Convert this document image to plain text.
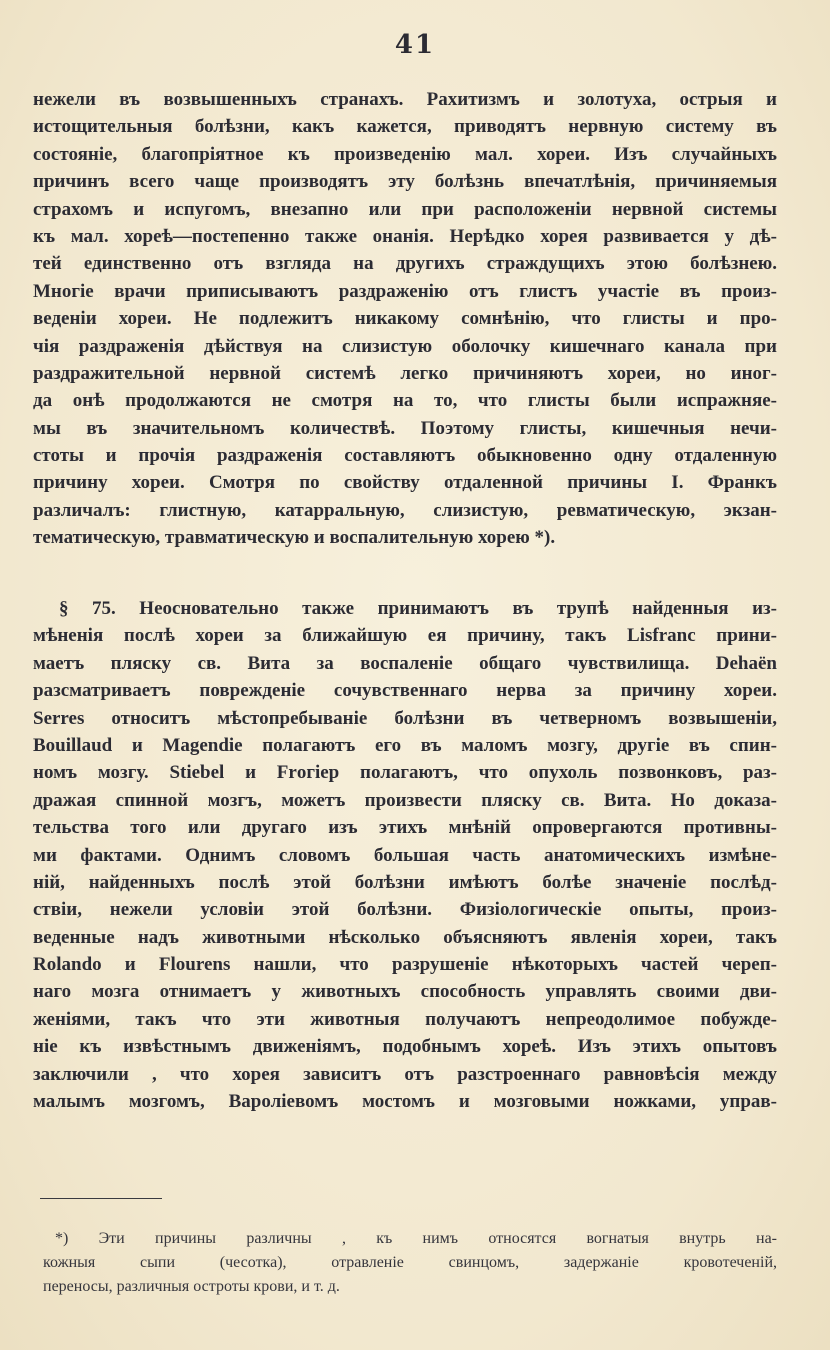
41
нежели въ возвышенныхъ странахъ. Рахитизмъ и золотуха, острыя и
истощительныя болѣзни, какъ кажется, приводятъ нервную систему въ
состояніе, благопріятное къ произведенію мал. хореи. Изъ случайныхъ
причинъ всего чаще производятъ эту болѣзнь впечатлѣнія, причиняемыя
страхомъ и испугомъ, внезапно или при расположеніи нервной системы
къ мал. хореѣ—постепенно также онанія. Нерѣдко хорея развивается у дѣ-
тей единственно отъ взгляда на другихъ страждущихъ этою болѣзнею.
Многіе врачи приписываютъ раздраженію отъ глистъ участіе въ произ-
веденіи хореи. Не подлежитъ никакому сомнѣнію, что глисты и про-
чія раздраженія дѣйствуя на слизистую оболочку кишечнаго канала при
раздражительной нервной системѣ легко причиняютъ хореи, но иног-
да онѣ продолжаются не смотря на то, что глисты были испражняе-
мы въ значительномъ количествѣ. Поэтому глисты, кишечныя нечи-
стоты и прочія раздраженія составляютъ обыкновенно одну отдаленную
причину хореи. Смотря по свойству отдаленной причины I. Франкъ
различалъ: глистную, катарральную, слизистую, ревматическую, экзан-
тематическую, травматическую и воспалительную хорею *).
§ 75. Неосновательно также принимаютъ въ трупѣ найденныя из-
мѣненія послѣ хореи за ближайшую ея причину, такъ Lisfranc прини-
маетъ пляску св. Вита за воспаленіе общаго чувствилища. Dehaën
разсматриваетъ поврежденіе сочувственнаго нерва за причину хореи.
Serres относитъ мѣстопребываніе болѣзни въ четверномъ возвышеніи,
Bouillaud и Magendie полагаютъ его въ маломъ мозгу, другіе въ спин-
номъ мозгу. Stiebel и Frогіер полагаютъ, что опухоль позвонковъ, раз-
дражая спинной мозгъ, можетъ произвести пляску св. Вита. Но доказа-
тельства того или другаго изъ этихъ мнѣній опровергаются противны-
ми фактами. Однимъ словомъ большая часть анатомическихъ измѣне-
ній, найденныхъ послѣ этой болѣзни имѣютъ болѣе значеніе послѣд-
ствіи, нежели условіи этой болѣзни. Физіологическіе опыты, произ-
веденные надъ животными нѣсколько объясняютъ явленія хореи, такъ
Rolando и Flourens нашли, что разрушеніе нѣкоторыхъ частей череп-
наго мозга отнимаетъ у животныхъ способность управлять своими дви-
женіями, такъ что эти животныя получаютъ непреодолимое побужде-
ніе къ извѣстнымъ движеніямъ, подобнымъ хореѣ. Изъ этихъ опытовъ
заключили , что хорея зависитъ отъ разстроеннаго равновѣсія между
малымъ мозгомъ, Варолiевомъ мостомъ и мозговыми ножками, управ-
*) Эти причины различны , къ нимъ относятся вогнатыя внутрь на-
кожныя сыпи (чесотка), отравленіе свинцомъ, задержаніе кровотеченій,
переносы, различныя остроты крови, и т. д.
